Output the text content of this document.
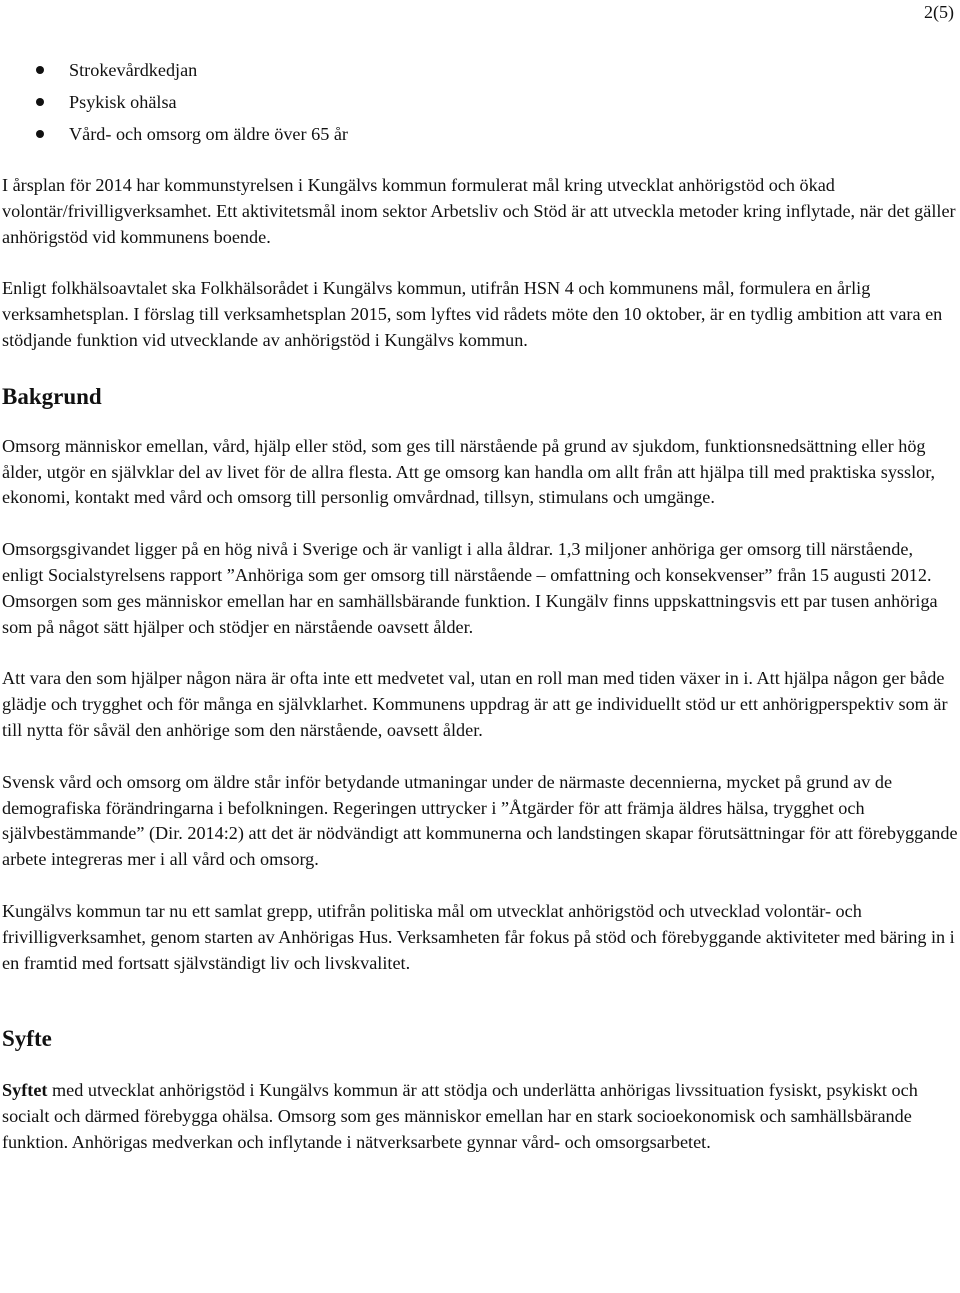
2(5)
Strokevårdkedjan
Psykisk ohälsa
Vård- och omsorg om äldre över 65 år

I årsplan för 2014 har kommunstyrelsen i Kungälvs kommun formulerat mål kring utvecklat anhörigstöd och ökad volontär/frivilligverksamhet. Ett aktivitetsmål inom sektor Arbetsliv och Stöd är att utveckla metoder kring inflytade, när det gäller anhörigstöd vid kommunens boende.

Enligt folkhälsoavtalet ska Folkhälsorådet i Kungälvs kommun, utifrån HSN 4 och kommunens mål, formulera en årlig verksamhetsplan. I förslag till verksamhetsplan 2015, som lyftes vid rådets möte den 10 oktober, är en tydlig ambition att vara en stödjande funktion vid utvecklande av anhörigstöd i Kungälvs kommun.

Bakgrund

Omsorg människor emellan, vård, hjälp eller stöd, som ges till närstående på grund av sjukdom, funktionsnedsättning eller hög ålder, utgör en självklar del av livet för de allra flesta. Att ge omsorg kan handla om allt från att hjälpa till med praktiska sysslor, ekonomi, kontakt med vård och omsorg till personlig omvårdnad, tillsyn, stimulans och umgänge.

Omsorgsgivandet ligger på en hög nivå i Sverige och är vanligt i alla åldrar. 1,3 miljoner anhöriga ger omsorg till närstående, enligt Socialstyrelsens rapport ”Anhöriga som ger omsorg till närstående – omfattning och konsekvenser” från 15 augusti 2012. Omsorgen som ges människor emellan har en samhällsbärande funktion. I Kungälv finns uppskattningsvis ett par tusen anhöriga som på något sätt hjälper och stödjer en närstående oavsett ålder.

Att vara den som hjälper någon nära är ofta inte ett medvetet val, utan en roll man med tiden växer in i. Att hjälpa någon ger både glädje och trygghet och för många en självklarhet. Kommunens uppdrag är att ge individuellt stöd ur ett anhörigperspektiv som är till nytta för såväl den anhörige som den närstående, oavsett ålder.

Svensk vård och omsorg om äldre står inför betydande utmaningar under de närmaste decennierna, mycket på grund av de demografiska förändringarna i befolkningen. Regeringen uttrycker i ”Åtgärder för att främja äldres hälsa, trygghet och självbestämmande” (Dir. 2014:2) att det är nödvändigt att kommunerna och landstingen skapar förutsättningar för att förebyggande arbete integreras mer i all vård och omsorg.

Kungälvs kommun tar nu ett samlat grepp, utifrån politiska mål om utvecklat anhörigstöd och utvecklad volontär- och frivilligverksamhet, genom starten av Anhörigas Hus. Verksamheten får fokus på stöd och förebyggande aktiviteter med bäring in i en framtid med fortsatt självständigt liv och livskvalitet.

Syfte

Syftet med utvecklat anhörigstöd i Kungälvs kommun är att stödja och underlätta anhörigas livssituation fysiskt, psykiskt och socialt och därmed förebygga ohälsa. Omsorg som ges människor emellan har en stark socioekonomisk och samhällsbärande funktion. Anhörigas medverkan och inflytande i nätverksarbete gynnar vård- och omsorgsarbetet.
